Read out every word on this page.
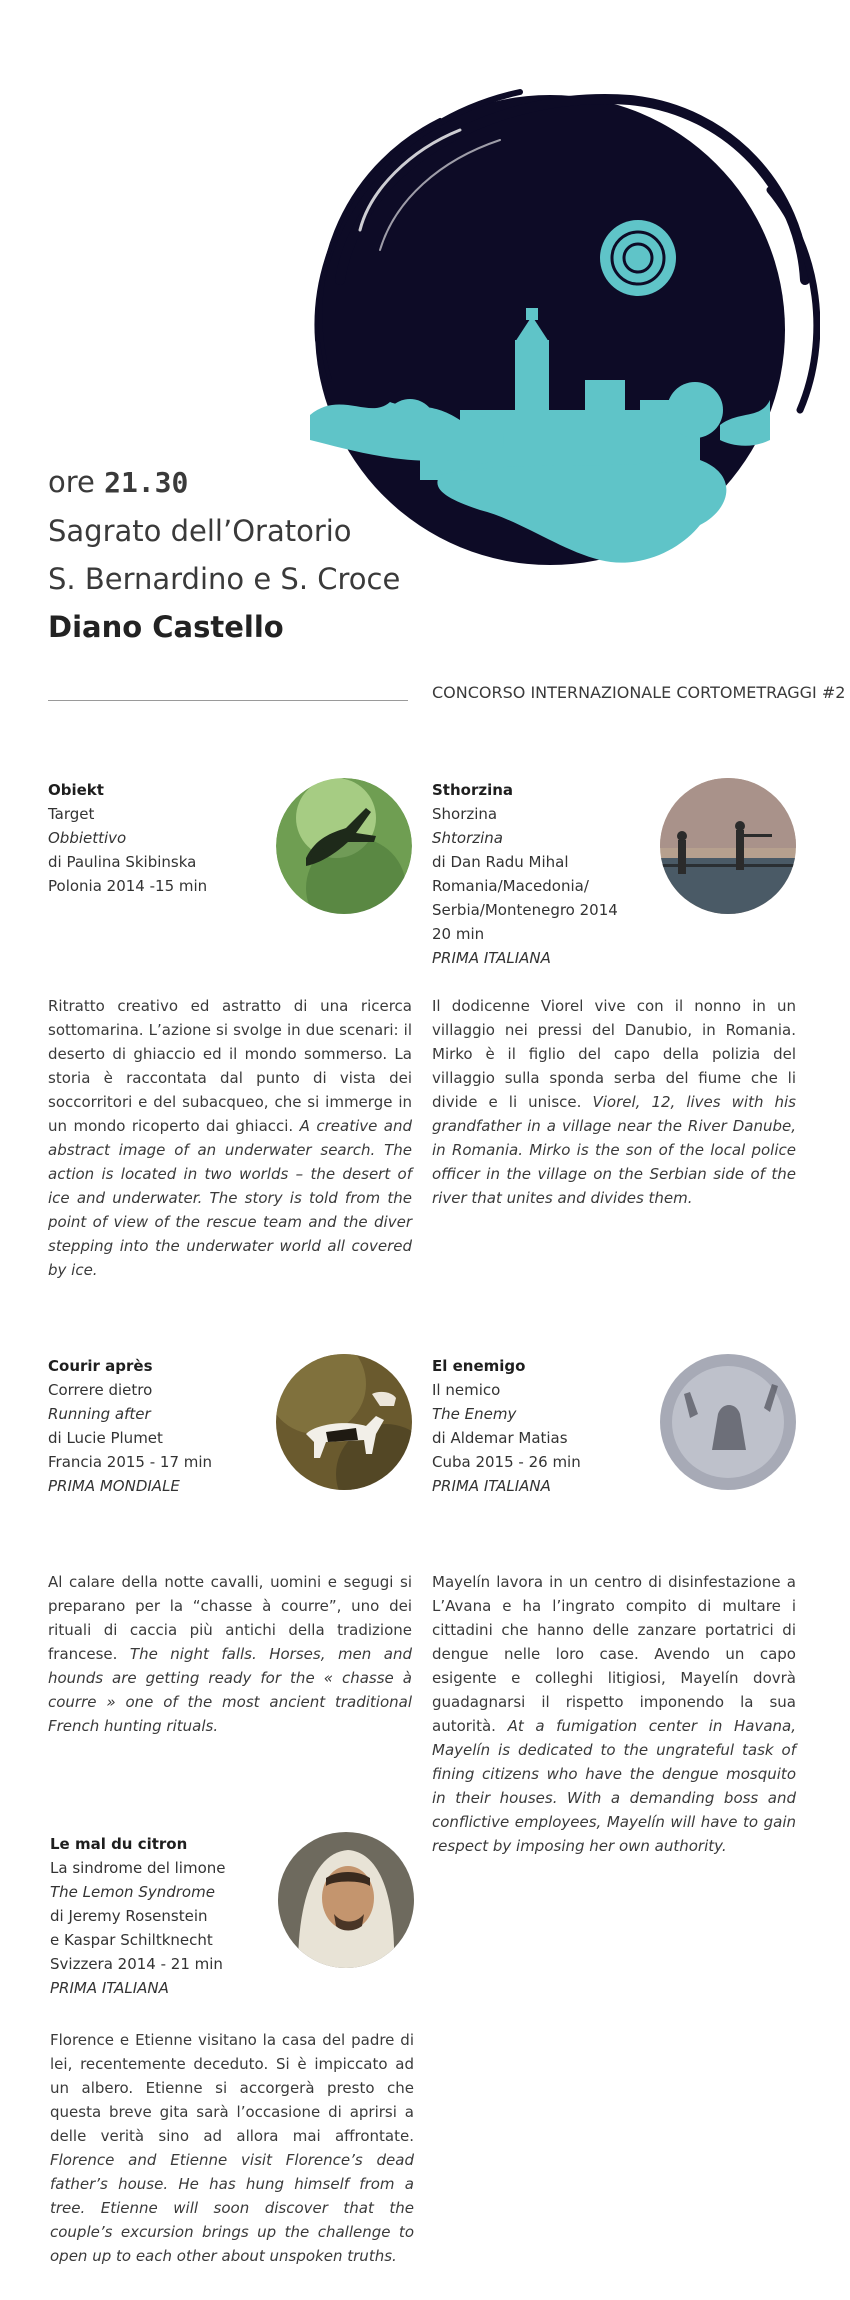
ore 21.30
Sagrato dell’Oratorio
S. Bernardino e S. Croce
Diano Castello
CONCORSO INTERNAZIONALE CORTOMETRAGGI #2
Obiekt
Target
Obbiettivo
di Paulina Skibinska
Polonia 2014 -15 min
Ritratto creativo ed astratto di una ricerca sottomarina. L’azione si svolge in due scenari: il deserto di ghiaccio ed il mondo sommerso. La storia è raccontata dal punto di vista dei soccorritori e del subacqueo, che si immerge in un mondo ricoperto dai ghiacci. A creative and abstract image of an underwater search. The action is located in two worlds – the desert of ice and underwater. The story is told from the point of view of the rescue team and the diver stepping into the underwater world all covered by ice.
Sthorzina
Shorzina
Shtorzina
di Dan Radu Mihal
Romania/Macedonia/
Serbia/Montenegro 2014
20 min
PRIMA ITALIANA
Il dodicenne Viorel vive con il nonno in un villaggio nei pressi del Danubio, in Romania. Mirko è il figlio del capo della polizia del villaggio sulla sponda serba del fiume che li divide e li unisce. Viorel, 12, lives with his grandfather in a village near the River Danube, in Romania. Mirko is the son of the local police officer in the village on the Serbian side of the river that unites and divides them.
Courir après
Correre dietro
Running after
di Lucie Plumet
Francia 2015 - 17 min
PRIMA MONDIALE
Al calare della notte cavalli, uomini e segugi si preparano per la “chasse à courre”, uno dei rituali di caccia più antichi della tradizione francese. The night falls. Horses, men and hounds are getting ready for the « chasse à courre » one of the most ancient traditional French hunting rituals.
El enemigo
Il nemico
The Enemy
di Aldemar Matias
Cuba 2015 - 26 min
PRIMA ITALIANA
Mayelín lavora in un centro di disinfestazione a L’Avana e ha l’ingrato compito di multare i cittadini che hanno delle zanzare portatrici di dengue nelle loro case. Avendo un capo esigente e colleghi litigiosi, Mayelín dovrà guadagnarsi il rispetto imponendo la sua autorità. At a fumigation center in Havana, Mayelín is dedicated to the ungrateful task of fining citizens who have the dengue mosquito in their houses. With a demanding boss and conflictive employees, Mayelín will have to gain respect by imposing her own authority.
Le mal du citron
La sindrome del limone
The Lemon Syndrome
di Jeremy Rosenstein
e Kaspar Schiltknecht
Svizzera 2014 - 21 min
PRIMA ITALIANA
Florence e Etienne visitano la casa del padre di lei, recentemente deceduto. Si è impiccato ad un albero. Etienne si accorgerà presto che questa breve gita sarà l’occasione di aprirsi a delle verità sino ad allora mai affrontate. Florence and Etienne visit Florence’s dead father’s house. He has hung himself from a tree. Etienne will soon discover that the couple’s excursion brings up the challenge to open up to each other about unspoken truths.
